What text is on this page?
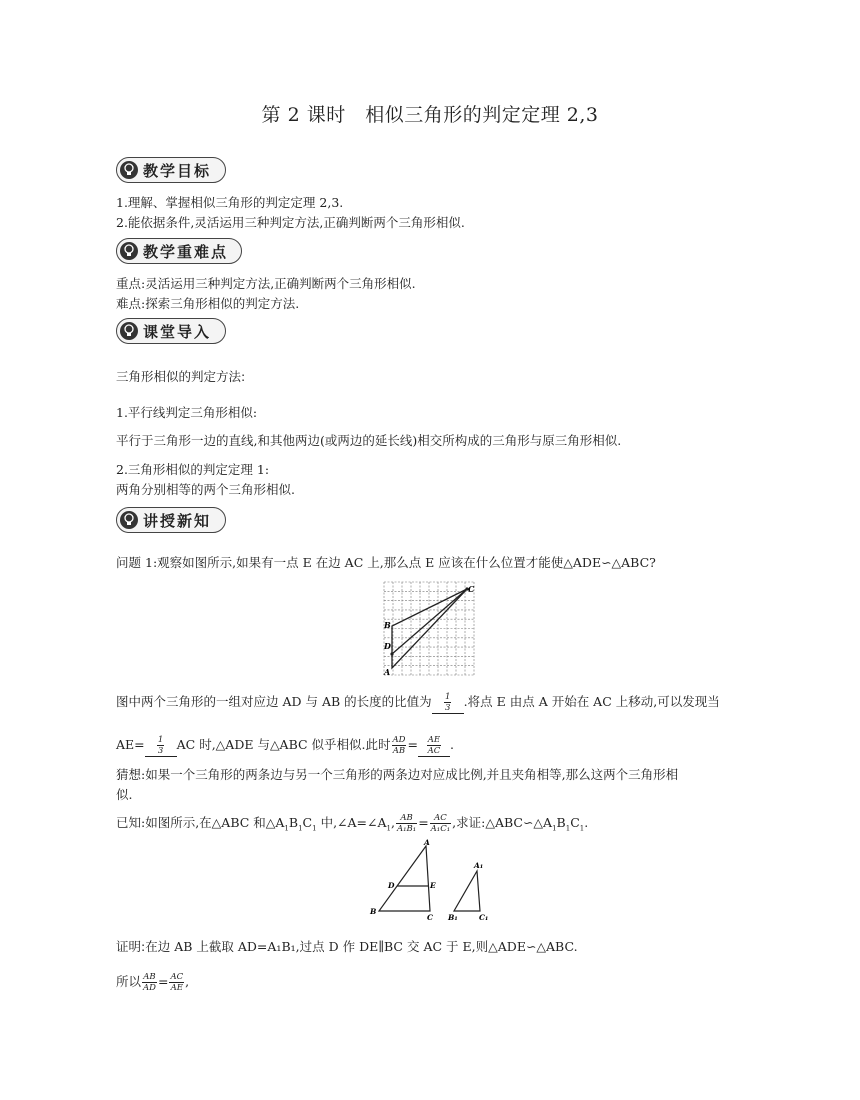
第 2 课时　相似三角形的判定定理 2,3
教学目标
教学重难点
课堂导入
讲授新知
1.理解、掌握相似三角形的判定定理 2,3.
2.能依据条件,灵活运用三种判定方法,正确判断两个三角形相似.
重点:灵活运用三种判定方法,正确判断两个三角形相似.
难点:探索三角形相似的判定方法.
三角形相似的判定方法:
1.平行线判定三角形相似:
平行于三角形一边的直线,和其他两边(或两边的延长线)相交所构成的三角形与原三角形相似.
2.三角形相似的判定定理 1:
两角分别相等的两个三角形相似.
问题 1:观察如图所示,如果有一点 E 在边 AC 上,那么点 E 应该在什么位置才能使△ADE∽△ABC?
C
B
D
A
图中两个三角形的一组对应边 AD 与 AB 的长度的比值为 $\frac{1}{3}$ .将点 E 由点 A 开始在 AC 上移动,可以发现当
$AE= \frac{1}{3}$ AC 时,△ADE 与△ABC 似乎相似.此时 $\frac{AD}{AB} = \frac{AE}{AC}$ .
猜想:如果一个三角形的两条边与另一个三角形的两条边对应成比例,并且夹角相等,那么这两个三角形相
似.
已知:如图所示,在△ABC 和$\triangle A_1B_1C_1$ 中$,\angle A=\angle A_1$, $\frac{AB}{\text{A₁B₁}} = \frac{AC}{\text{A₁C₁}}$ ,求证$:\triangle ABC∽\triangle A_1B_1C_1$.
A
D	E
B
C
A₁
B₁	C₁
证明:在边 AB 上截取 AD=A₁B₁,过点 D 作 DE∥BC 交 AC 于 E,则△ADE∽△ABC.
所以 $\frac{AB}{AD} = \frac{AC}{AE}$ ,
